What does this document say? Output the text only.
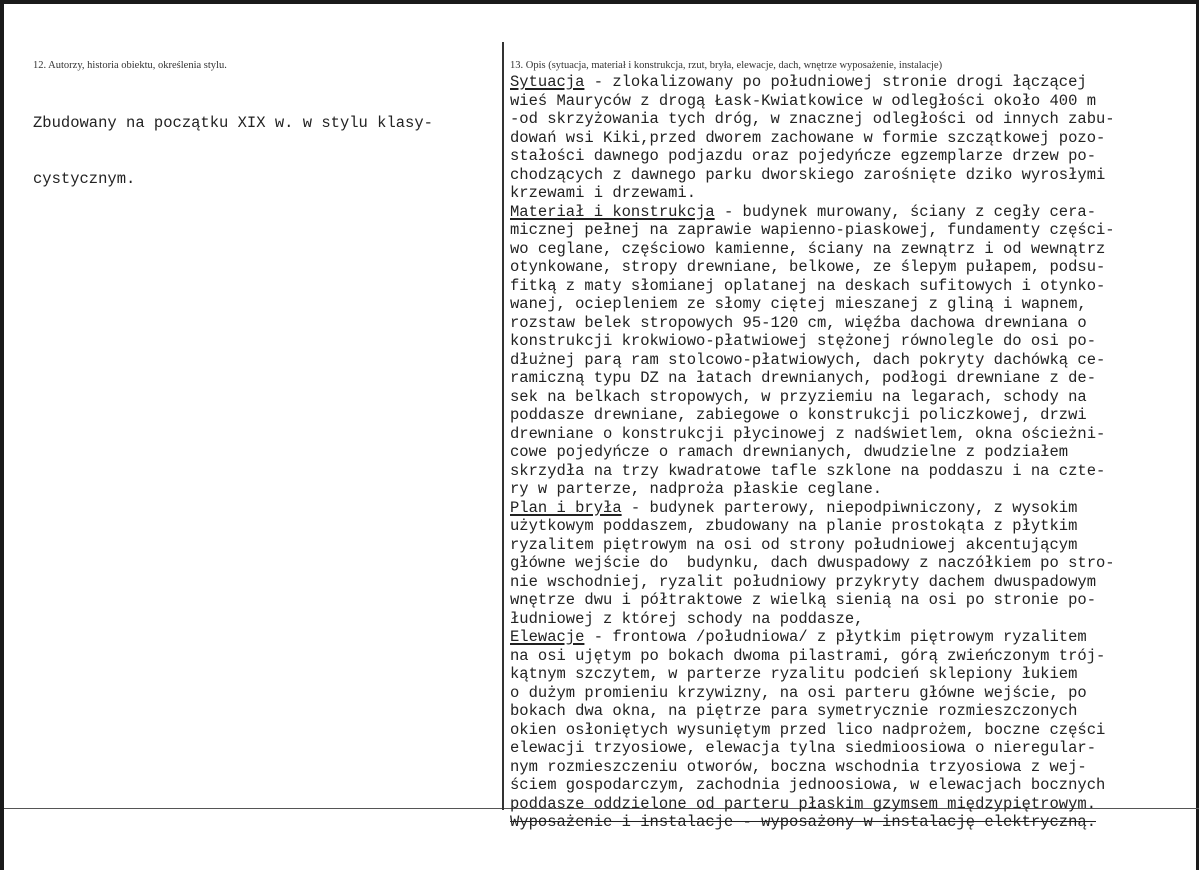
12. Autorzy, historia obiektu, określenia stylu.

Zbudowany na początku XIX w. w stylu klasy-

cystycznym.

13. Opis (sytuacja, materiał i konstrukcja, rzut, bryła, elewacje, dach, wnętrze wyposażenie, instalacje)
Sytuacja - zlokalizowany po południowej stronie drogi łączącej
wieś Mauryców z drogą Łask-Kwiatkowice w odległości około 400 m
-od skrzyżowania tych dróg, w znacznej odległości od innych zabu-
dowań wsi Kiki,przed dworem zachowane w formie szczątkowej pozo-
stałości dawnego podjazdu oraz pojedyńcze egzemplarze drzew po-
chodzących z dawnego parku dworskiego zarośnięte dziko wyrosłymi
krzewami i drzewami.
Materiał i konstrukcja - budynek murowany, ściany z cegły cera-
micznej pełnej na zaprawie wapienno-piaskowej, fundamenty części-
wo ceglane, częściowo kamienne, ściany na zewnątrz i od wewnątrz
otynkowane, stropy drewniane, belkowe, ze ślepym pułapem, podsu-
fitką z maty słomianej oplatanej na deskach sufitowych i otynko-
wanej, ociepleniem ze słomy ciętej mieszanej z gliną i wapnem,
rozstaw belek stropowych 95-120 cm, więźba dachowa drewniana o
konstrukcji krokwiowo-płatwiowej stężonej równolegle do osi po-
dłużnej parą ram stolcowo-płatwiowych, dach pokryty dachówką ce-
ramiczną typu DZ na łatach drewnianych, podłogi drewniane z de-
sek na belkach stropowych, w przyziemiu na legarach, schody na
poddasze drewniane, zabiegowe o konstrukcji policzkowej, drzwi
drewniane o konstrukcji płycinowej z nadświetlem, okna ościeżni-
cowe pojedyńcze o ramach drewnianych, dwudzielne z podziałem
skrzydła na trzy kwadratowe tafle szklone na poddaszu i na czte-
ry w parterze, nadproża płaskie ceglane.
Plan i bryła - budynek parterowy, niepodpiwniczony, z wysokim
użytkowym poddaszem, zbudowany na planie prostokąta z płytkim
ryzalitem piętrowym na osi od strony południowej akcentującym
główne wejście do  budynku, dach dwuspadowy z naczółkiem po stro-
nie wschodniej, ryzalit południowy przykryty dachem dwuspadowym
wnętrze dwu i półtraktowe z wielką sienią na osi po stronie po-
łudniowej z której schody na poddasze,
Elewacje - frontowa /południowa/ z płytkim piętrowym ryzalitem
na osi ujętym po bokach dwoma pilastrami, górą zwieńczonym trój-
kątnym szczytem, w parterze ryzalitu podcień sklepiony łukiem
o dużym promieniu krzywizny, na osi parteru główne wejście, po
bokach dwa okna, na piętrze para symetrycznie rozmieszczonych
okien osłoniętych wysuniętym przed lico nadprożem, boczne części
elewacji trzyosiowe, elewacja tylna siedmioosiowa o nieregular-
nym rozmieszczeniu otworów, boczna wschodnia trzyosiowa z wej-
ściem gospodarczym, zachodnia jednoosiowa, w elewacjach bocznych
poddasze oddzielone od parteru płaskim gzymsem międzypiętrowym.
Wyposażenie i instalacje - wyposażony w instalację elektryczną.
